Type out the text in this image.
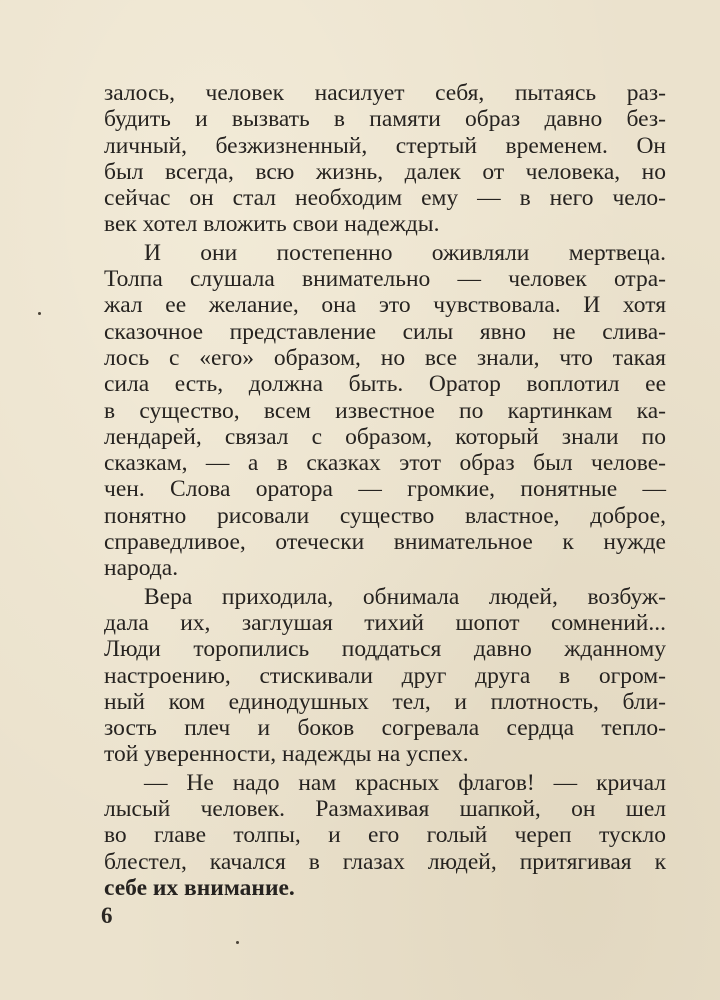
залось, человек насилует себя, пытаясь раз-
будить и вызвать в памяти образ давно без-
личный, безжизненный, стертый временем. Он
был всегда, всю жизнь, далек от человека, но
сейчас он стал необходим ему — в него чело-
век хотел вложить свои надежды.
И они постепенно оживляли мертвеца.
Толпа слушала внимательно — человек отра-
жал ее желание, она это чувствовала. И хотя
сказочное представление силы явно не слива-
лось с «его» образом, но все знали, что такая
сила есть, должна быть. Оратор воплотил ее
в существо, всем известное по картинкам ка-
лендарей, связал с образом, который знали по
сказкам, — а в сказках этот образ был челове-
чен. Слова оратора — громкие, понятные —
понятно рисовали существо властное, доброе,
справедливое, отечески внимательное к нужде
народа.
Вера приходила, обнимала людей, возбуж-
дала их, заглушая тихий шопот сомнений...
Люди торопились поддаться давно жданному
настроению, стискивали друг друга в огром-
ный ком единодушных тел, и плотность, бли-
зость плеч и боков согревала сердца тепло-
той уверенности, надежды на успех.
— Не надо нам красных флагов! — кричал
лысый человек. Размахивая шапкой, он шел
во главе толпы, и его голый череп тускло
блестел, качался в глазах людей, притягивая к
себе их внимание.
6
